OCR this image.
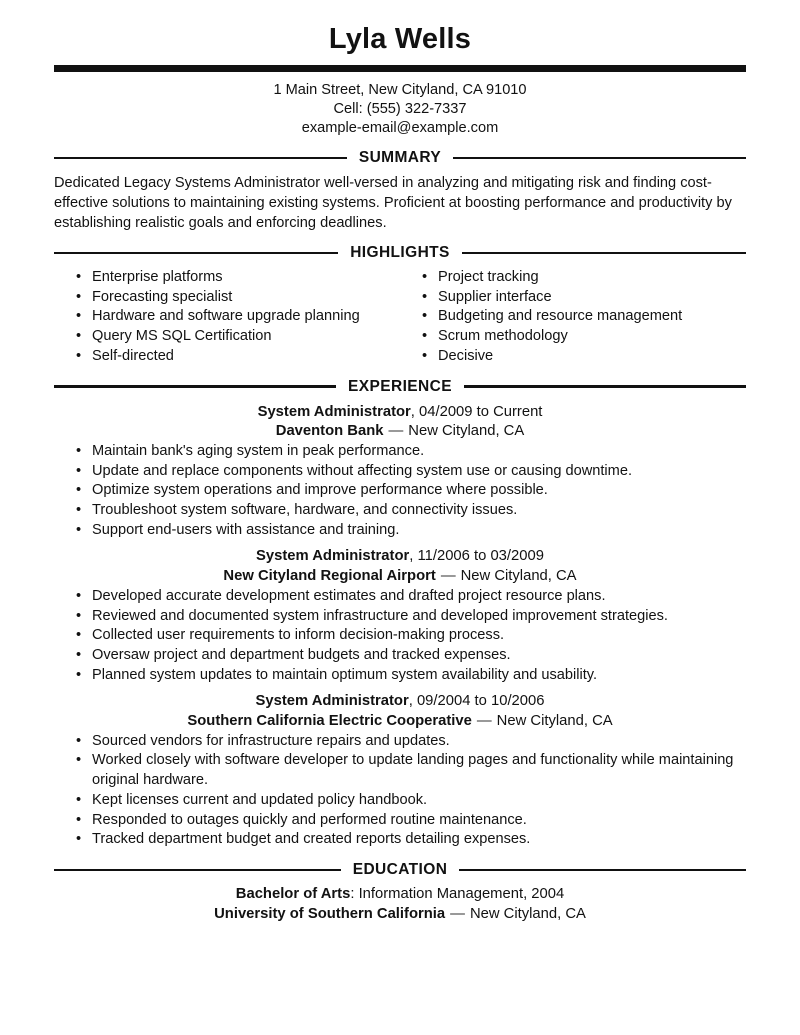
Lyla Wells
1 Main Street, New Cityland, CA 91010
Cell: (555) 322-7337
example-email@example.com
SUMMARY
Dedicated Legacy Systems Administrator well-versed in analyzing and mitigating risk and finding cost-effective solutions to maintaining existing systems. Proficient at boosting performance and productivity by establishing realistic goals and enforcing deadlines.
HIGHLIGHTS
• Enterprise platforms
• Forecasting specialist
• Hardware and software upgrade planning
• Query MS SQL Certification
• Self-directed
• Project tracking
• Supplier interface
• Budgeting and resource management
• Scrum methodology
• Decisive
EXPERIENCE
System Administrator, 04/2009 to Current
Daventon Bank — New Cityland, CA
• Maintain bank's aging system in peak performance.
• Update and replace components without affecting system use or causing downtime.
• Optimize system operations and improve performance where possible.
• Troubleshoot system software, hardware, and connectivity issues.
• Support end-users with assistance and training.
System Administrator, 11/2006 to 03/2009
New Cityland Regional Airport — New Cityland, CA
• Developed accurate development estimates and drafted project resource plans.
• Reviewed and documented system infrastructure and developed improvement strategies.
• Collected user requirements to inform decision-making process.
• Oversaw project and department budgets and tracked expenses.
• Planned system updates to maintain optimum system availability and usability.
System Administrator, 09/2004 to 10/2006
Southern California Electric Cooperative — New Cityland, CA
• Sourced vendors for infrastructure repairs and updates.
• Worked closely with software developer to update landing pages and functionality while maintaining original hardware.
• Kept licenses current and updated policy handbook.
• Responded to outages quickly and performed routine maintenance.
• Tracked department budget and created reports detailing expenses.
EDUCATION
Bachelor of Arts: Information Management, 2004
University of Southern California — New Cityland, CA
